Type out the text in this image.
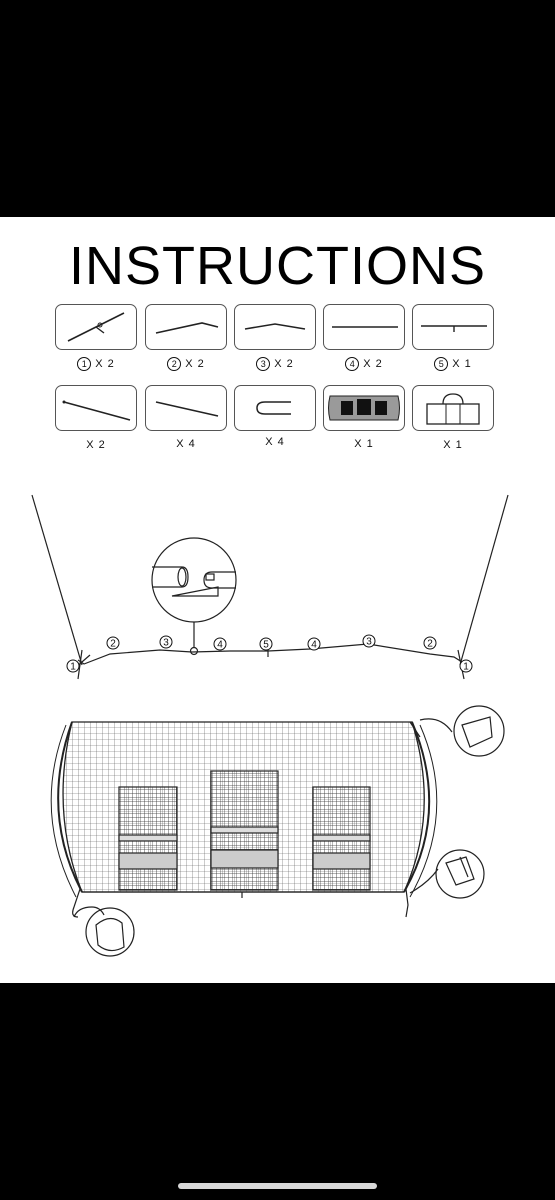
INSTRUCTIONS
1 X 2	2 X 2	3 X 2	4 X 2	5 X 1
X 2	X 4	X 4	X 1	X 1
1
2	3	4	5	4	3	2
1
